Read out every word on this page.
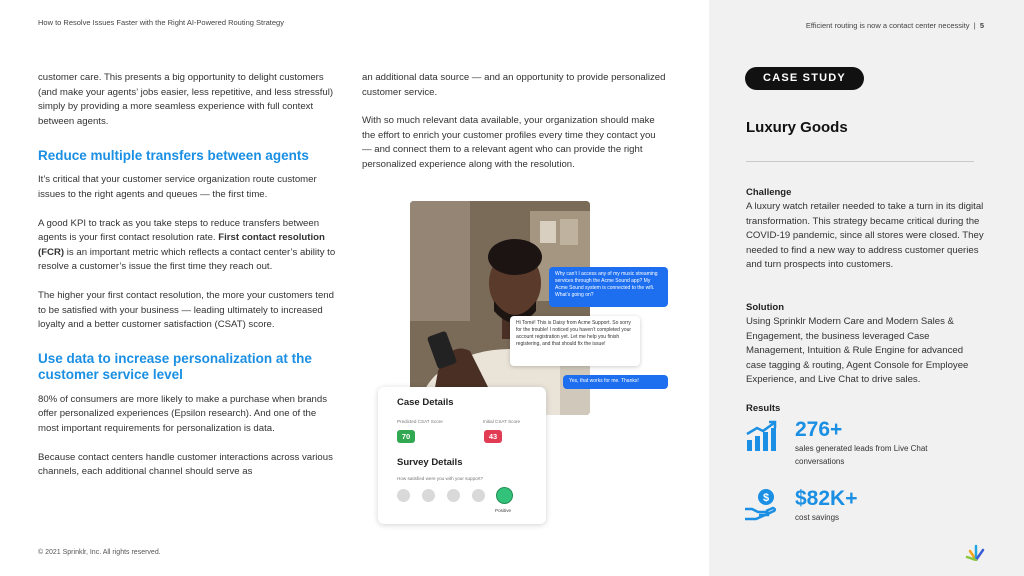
How to Resolve Issues Faster with the Right AI-Powered Routing Strategy	Efficient routing is now a contact center necessity  |  5

customer care. This presents a big opportunity to delight customers (and make your agents’ jobs easier, less repetitive, and less stressful) simply by providing a more seamless experience with full context between agents.

Reduce multiple transfers between agents

It’s critical that your customer service organization route customer issues to the right agents and queues — the first time.

A good KPI to track as you take steps to reduce transfers between agents is your first contact resolution rate. First contact resolution (FCR) is an important metric which reflects a contact center’s ability to resolve a customer’s issue the first time they reach out.

The higher your first contact resolution, the more your customers tend to be satisfied with your business — leading ultimately to increased loyalty and a better customer satisfaction (CSAT) score.

Use data to increase personalization at the customer service level

80% of consumers are more likely to make a purchase when brands offer personalized experiences (Epsilon research). And one of the most important requirements for personalization is data.

Because contact centers handle customer interactions across various channels, each additional channel should serve as

an additional data source — and an opportunity to provide personalized customer service.

With so much relevant data available, your organization should make the effort to enrich your customer profiles every time they contact you — and connect them to a relevant agent who can provide the right personalized experience along with the resolution.

Why can’t I access any of my music streaming services through the Acme Sound app? My Acme Sound system is connected to the wifi. What’s going on?
Hi Tomé! This is Daisy from Acme Support. So sorry for the trouble! I noticed you haven’t completed your account registration yet. Let me help you finish registering, and that should fix the issue!
Yes, that works for me. Thanks!
Case Details
Predicted CSAT Score	Initial CSAT Score
70	43
Survey Details
How satisfied were you with your support?
Positive
CASE STUDY
Luxury Goods
Challenge
A luxury watch retailer needed to take a turn in its digital transformation. This strategy became critical during the COVID-19 pandemic, since all stores were closed. They needed to find a new way to address customer queries and turn prospects into customers.
Solution
Using Sprinklr Modern Care and Modern Sales & Engagement, the business leveraged Case Management, Intuition & Rule Engine for advanced case tagging & routing, Agent Console for Employee Experience, and Live Chat to drive sales.
Results
276+
sales generated leads from Live Chat conversations
$ $82K+
cost savings
© 2021 Sprinklr, Inc. All rights reserved.
